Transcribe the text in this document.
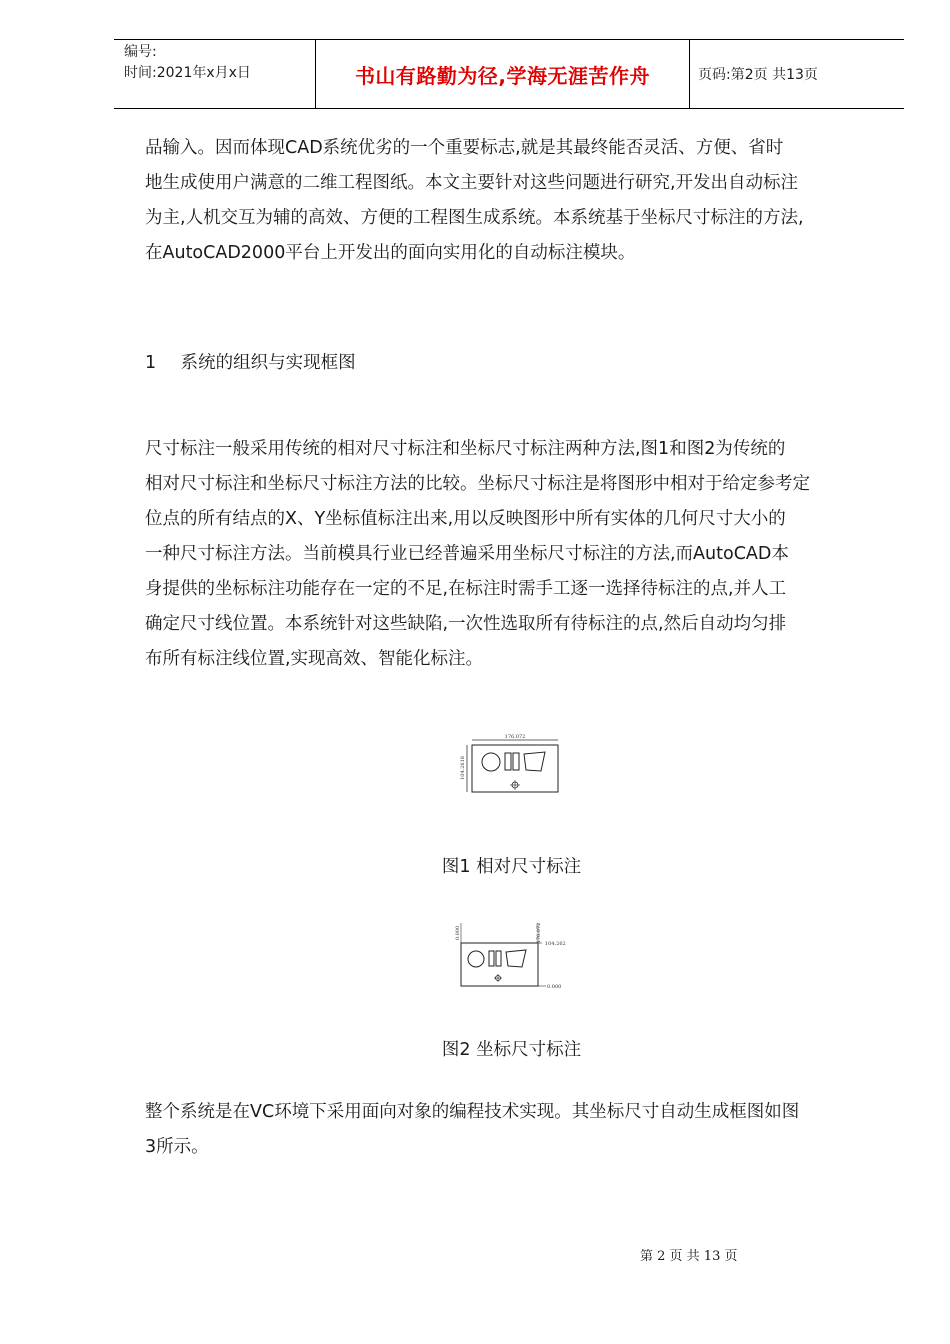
编号:
时间:2021年x月x日	书山有路勤为径,学海无涯苦作舟	页码:第2页 共13页
品输入。因而体现CAD系统优劣的一个重要标志,就是其最终能否灵活、方便、省时
地生成使用户满意的二维工程图纸。本文主要针对这些问题进行研究,开发出自动标注
为主,人机交互为辅的高效、方便的工程图生成系统。本系统基于坐标尺寸标注的方法,
在AutoCAD2000平台上开发出的面向实用化的自动标注模块。
1 系统的组织与实现框图
尺寸标注一般采用传统的相对尺寸标注和坐标尺寸标注两种方法,图1和图2为传统的
相对尺寸标注和坐标尺寸标注方法的比较。坐标尺寸标注是将图形中相对于给定参考定
位点的所有结点的X、Y坐标值标注出来,用以反映图形中所有实体的几何尺寸大小的
一种尺寸标注方法。当前模具行业已经普遍采用坐标尺寸标注的方法,而AutoCAD本
身提供的坐标标注功能存在一定的不足,在标注时需手工逐一选择待标注的点,并人工
确定尺寸线位置。本系统针对这些缺陷,一次性选取所有待标注的点,然后自动均匀排
布所有标注线位置,实现高效、智能化标注。
176.072
104.2618
图1 相对尺寸标注
0.000	176.072
104.262
0.000
图2 坐标尺寸标注
整个系统是在VC环境下采用面向对象的编程技术实现。其坐标尺寸自动生成框图如图
3所示。
第 2 页 共 13 页
